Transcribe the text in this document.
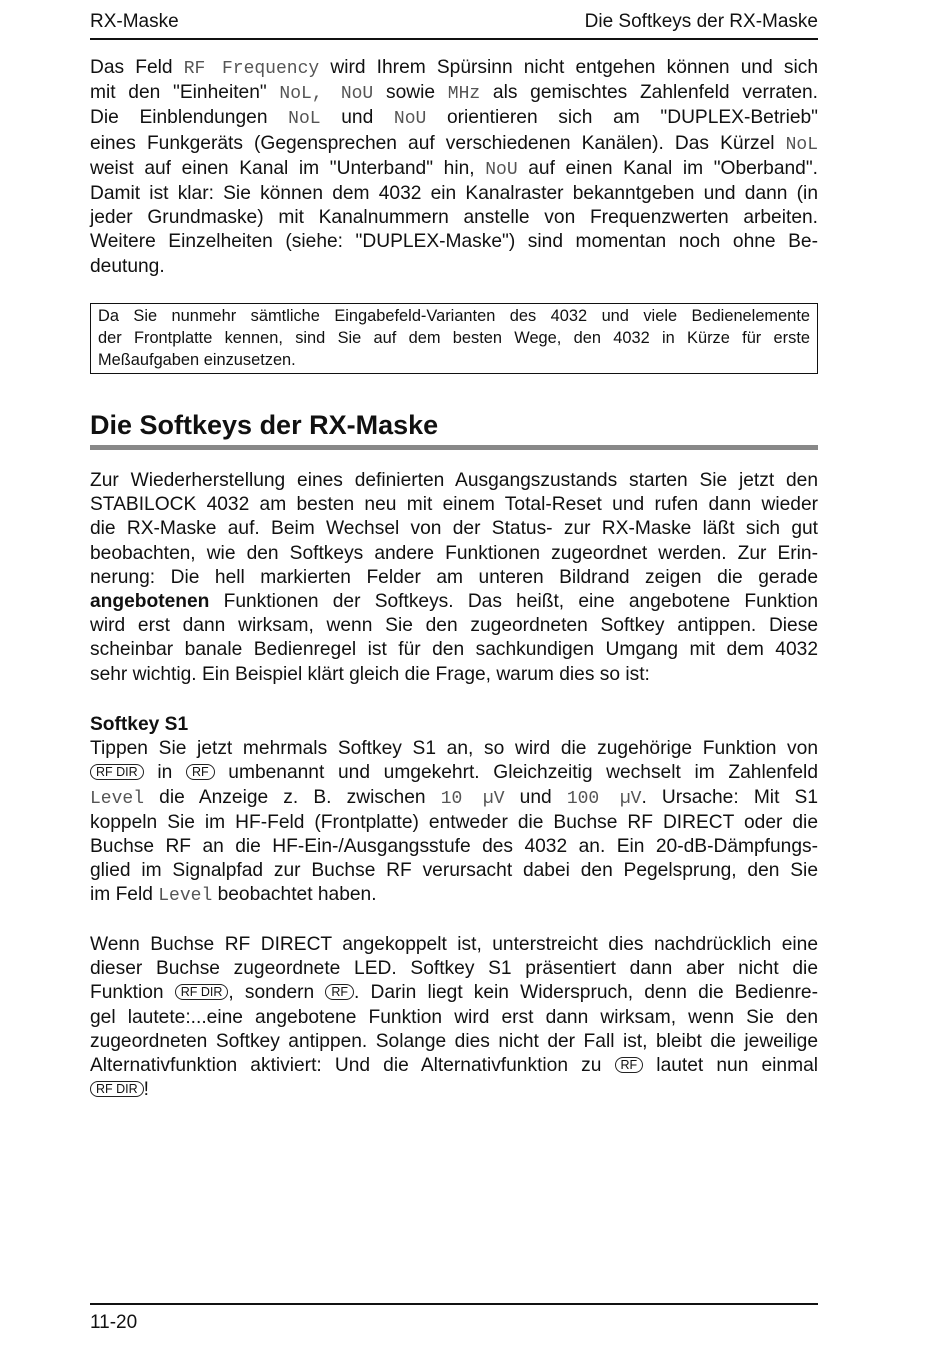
RX-Maske	Die Softkeys der RX-Maske
Das Feld RF Frequency wird Ihrem Spürsinn nicht entgehen können und sich
mit den "Einheiten" NoL, NoU sowie MHz als gemischtes Zahlenfeld verraten.
Die Einblendungen NoL und NoU orientieren sich am "DUPLEX-Betrieb"
eines Funkgeräts (Gegensprechen auf verschiedenen Kanälen). Das Kürzel NoL
weist auf einen Kanal im "Unterband" hin, NoU auf einen Kanal im "Oberband".
Damit ist klar: Sie können dem 4032 ein Kanalraster bekanntgeben und dann (in
jeder Grundmaske) mit Kanalnummern anstelle von Frequenzwerten arbeiten.
Weitere Einzelheiten (siehe: "DUPLEX-Maske") sind momentan noch ohne Be-
deutung.
Da Sie nunmehr sämtliche Eingabefeld-Varianten des 4032 und viele Bedienelemente
der Frontplatte kennen, sind Sie auf dem besten Wege, den 4032 in Kürze für erste
Meßaufgaben einzusetzen.
Die Softkeys der RX-Maske
Zur Wiederherstellung eines definierten Ausgangszustands starten Sie jetzt den
STABILOCK 4032 am besten neu mit einem Total-Reset und rufen dann wieder
die RX-Maske auf. Beim Wechsel von der Status- zur RX-Maske läßt sich gut
beobachten, wie den Softkeys andere Funktionen zugeordnet werden. Zur Erin-
nerung: Die hell markierten Felder am unteren Bildrand zeigen die gerade
angebotenen Funktionen der Softkeys. Das heißt, eine angebotene Funktion
wird erst dann wirksam, wenn Sie den zugeordneten Softkey antippen. Diese
scheinbar banale Bedienregel ist für den sachkundigen Umgang mit dem 4032
sehr wichtig. Ein Beispiel klärt gleich die Frage, warum dies so ist:
Softkey S1
Tippen Sie jetzt mehrmals Softkey S1 an, so wird die zugehörige Funktion von
RF DIR in RF umbenannt und umgekehrt. Gleichzeitig wechselt im Zahlenfeld
Level die Anzeige z. B. zwischen 10 µV und 100 µV. Ursache: Mit S1
koppeln Sie im HF-Feld (Frontplatte) entweder die Buchse RF DIRECT oder die
Buchse RF an die HF-Ein-/Ausgangsstufe des 4032 an. Ein 20-dB-Dämpfungs-
glied im Signalpfad zur Buchse RF verursacht dabei den Pegelsprung, den Sie
im Feld Level beobachtet haben.
Wenn Buchse RF DIRECT angekoppelt ist, unterstreicht dies nachdrücklich eine
dieser Buchse zugeordnete LED. Softkey S1 präsentiert dann aber nicht die
Funktion RF DIR , sondern RF . Darin liegt kein Widerspruch, denn die Bedienre-
gel lautete:...eine angebotene Funktion wird erst dann wirksam, wenn Sie den
zugeordneten Softkey antippen. Solange dies nicht der Fall ist, bleibt die jeweilige
Alternativfunktion aktiviert: Und die Alternativfunktion zu RF lautet nun einmal
RF DIR !
11-20
